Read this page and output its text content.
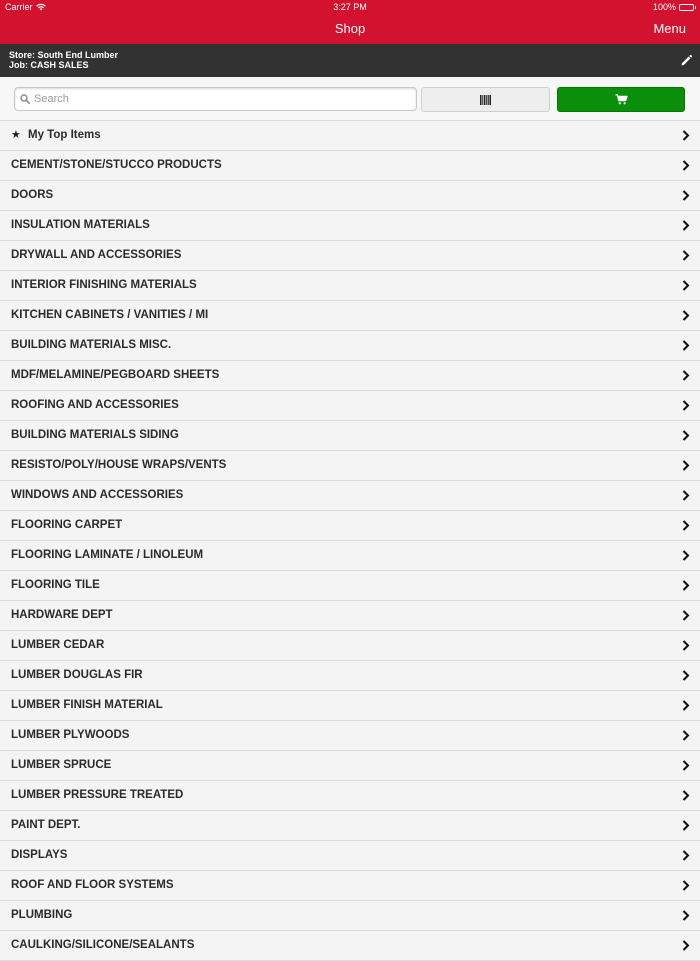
Carrier	3:27 PM	100%
Shop	Menu
Store: South End Lumber
Job: CASH SALES
Search
★ My Top Items
CEMENT/STONE/STUCCO PRODUCTS
DOORS
INSULATION MATERIALS
DRYWALL AND ACCESSORIES
INTERIOR FINISHING MATERIALS
KITCHEN CABINETS / VANITIES / MI
BUILDING MATERIALS MISC.
MDF/MELAMINE/PEGBOARD SHEETS
ROOFING AND ACCESSORIES
BUILDING MATERIALS SIDING
RESISTO/POLY/HOUSE WRAPS/VENTS
WINDOWS AND ACCESSORIES
FLOORING CARPET
FLOORING LAMINATE / LINOLEUM
FLOORING TILE
HARDWARE DEPT
LUMBER CEDAR
LUMBER DOUGLAS FIR
LUMBER FINISH MATERIAL
LUMBER PLYWOODS
LUMBER SPRUCE
LUMBER PRESSURE TREATED
PAINT DEPT.
DISPLAYS
ROOF AND FLOOR SYSTEMS
PLUMBING
CAULKING/SILICONE/SEALANTS
